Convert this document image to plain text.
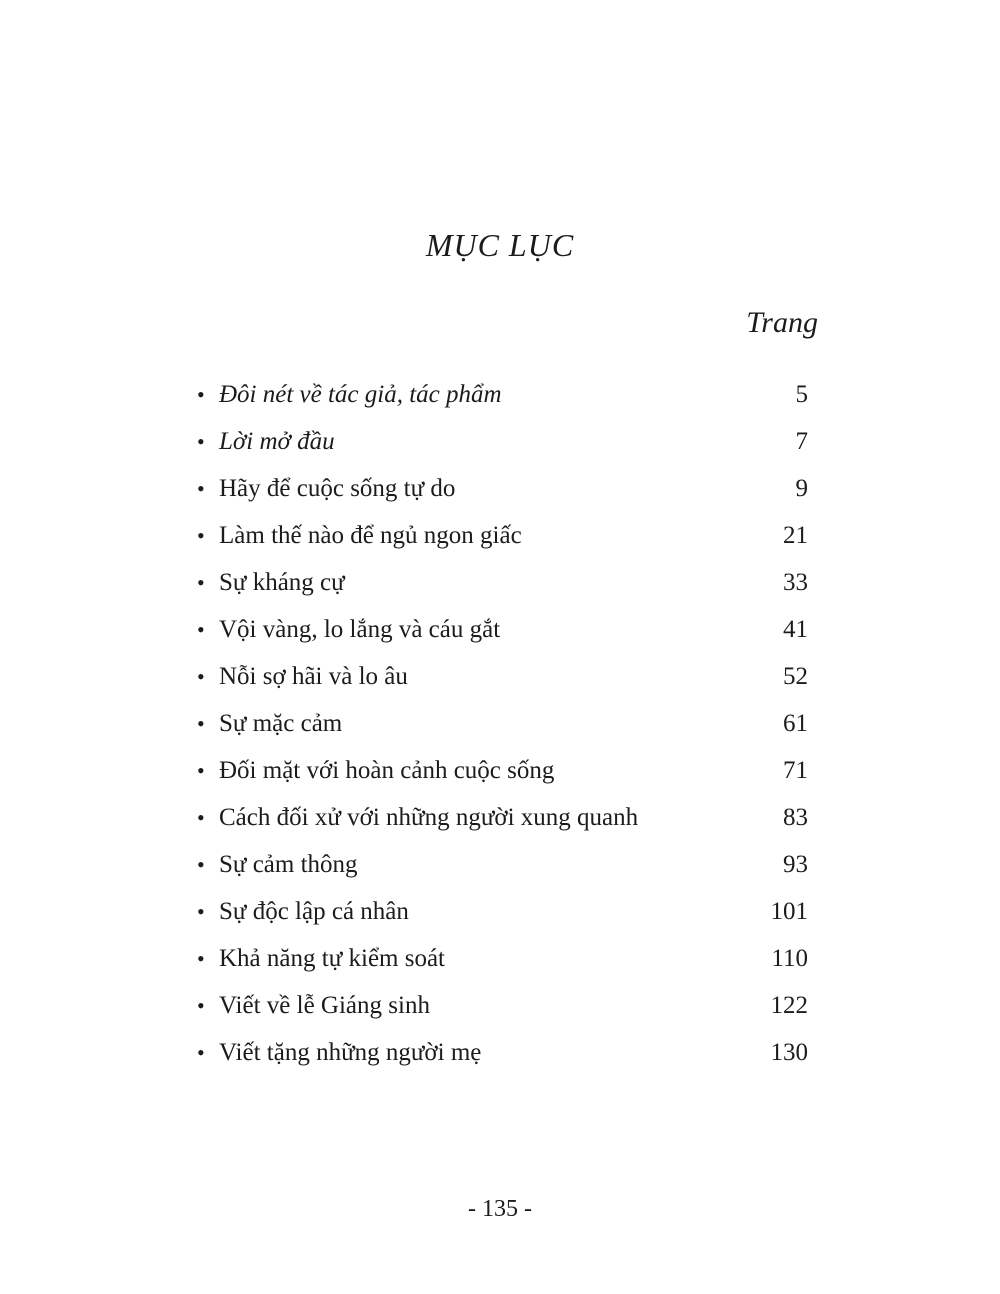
MỤC LỤC
Trang
• Đôi nét về tác giả, tác phẩm	5
• Lời mở đầu	7
• Hãy để cuộc sống tự do	9
• Làm thế nào để ngủ ngon giấc	21
• Sự kháng cự	33
• Vội vàng, lo lắng và cáu gắt	41
• Nỗi sợ hãi và lo âu	52
• Sự mặc cảm	61
• Đối mặt với hoàn cảnh cuộc sống	71
• Cách đối xử với những người xung quanh	83
• Sự cảm thông	93
• Sự độc lập cá nhân	101
• Khả năng tự kiểm soát	110
• Viết về lễ Giáng sinh	122
• Viết tặng những người mẹ	130
- 135 -
